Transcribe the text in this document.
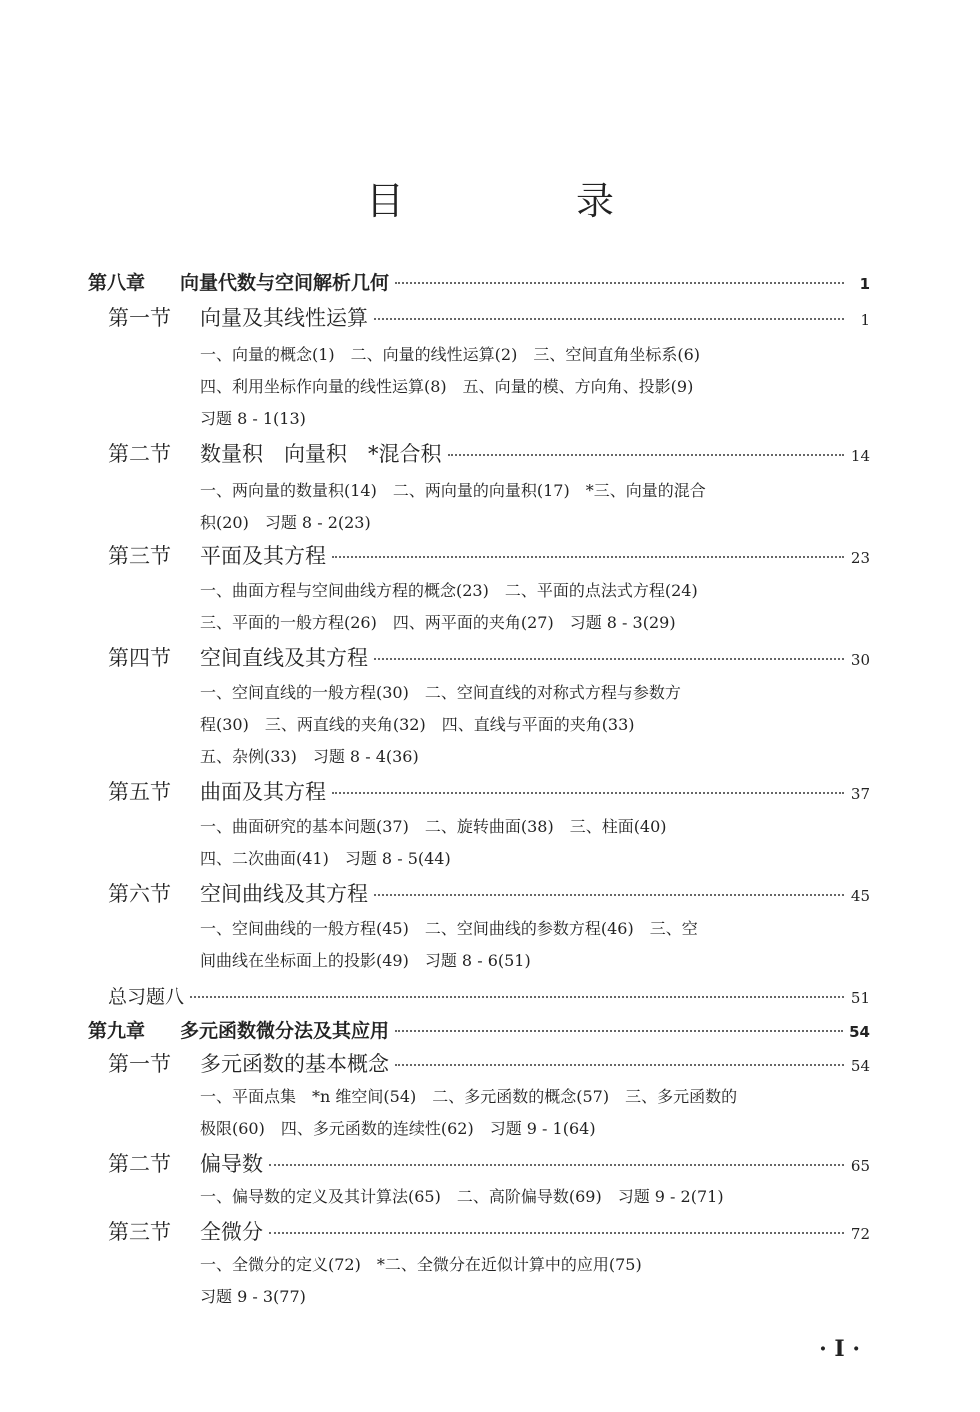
目 录
第八章	向量代数与空间解析几何	1
第一节	向量及其线性运算	1
一、向量的概念(1)　二、向量的线性运算(2)　三、空间直角坐标系(6)
四、利用坐标作向量的线性运算(8)　五、向量的模、方向角、投影(9)
习题 8 - 1(13)
第二节	数量积　向量积　*混合积	14
一、两向量的数量积(14)　二、两向量的向量积(17)　*三、向量的混合
积(20)　习题 8 - 2(23)
第三节	平面及其方程	23
一、曲面方程与空间曲线方程的概念(23)　二、平面的点法式方程(24)
三、平面的一般方程(26)　四、两平面的夹角(27)　习题 8 - 3(29)
第四节	空间直线及其方程	30
一、空间直线的一般方程(30)　二、空间直线的对称式方程与参数方
程(30)　三、两直线的夹角(32)　四、直线与平面的夹角(33)
五、杂例(33)　习题 8 - 4(36)
第五节	曲面及其方程	37
一、曲面研究的基本问题(37)　二、旋转曲面(38)　三、柱面(40)
四、二次曲面(41)　习题 8 - 5(44)
第六节	空间曲线及其方程	45
一、空间曲线的一般方程(45)　二、空间曲线的参数方程(46)　三、空
间曲线在坐标面上的投影(49)　习题 8 - 6(51)
总习题八	51
第九章	多元函数微分法及其应用	54
第一节	多元函数的基本概念	54
一、平面点集　*n 维空间(54)　二、多元函数的概念(57)　三、多元函数的
极限(60)　四、多元函数的连续性(62)　习题 9 - 1(64)
第二节	偏导数	65
一、偏导数的定义及其计算法(65)　二、高阶偏导数(69)　习题 9 - 2(71)
第三节	全微分	72
一、全微分的定义(72)　*二、全微分在近似计算中的应用(75)
习题 9 - 3(77)
· I ·
